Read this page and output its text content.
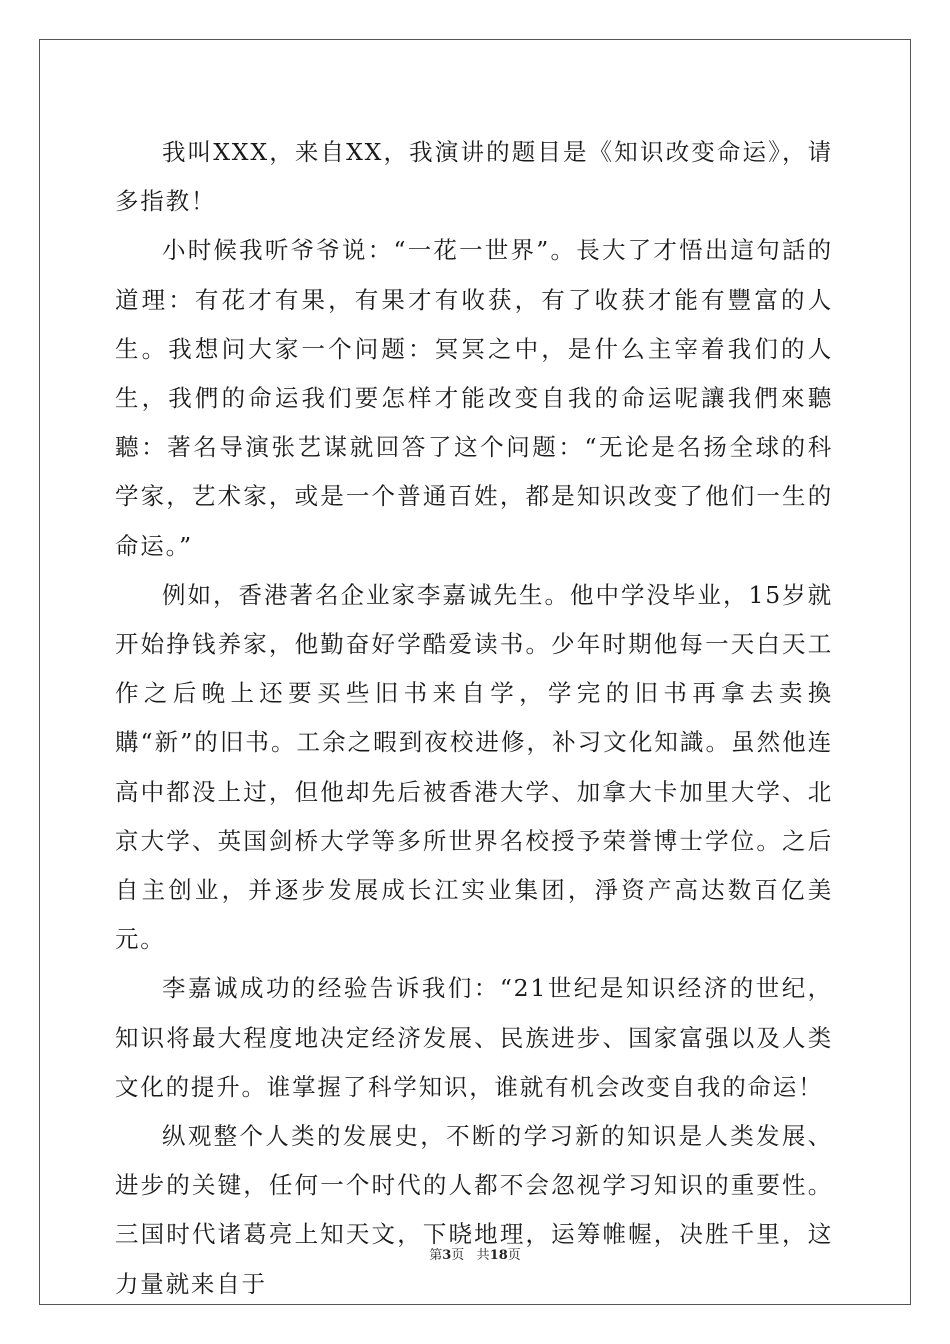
我叫XXX，来自XX，我演讲的题目是《知识改变命运》，请多指教！

小时候我听爷爷说：“一花一世界”。長大了才悟出這句話的道理：有花才有果，有果才有收获，有了收获才能有豐富的人生。我想问大家一个问题：冥冥之中，是什么主宰着我们的人生，我們的命运我们要怎样才能改变自我的命运呢讓我們來聽聽：著名导演张艺谋就回答了这个问题：“无论是名扬全球的科学家，艺术家，或是一个普通百姓，都是知识改变了他们一生的命运。”

例如，香港著名企业家李嘉诚先生。他中学没毕业，15岁就开始挣钱养家，他勤奋好学酷爱读书。少年时期他每一天白天工作之后晚上还要买些旧书来自学，学完的旧书再拿去卖換購“新”的旧书。工余之暇到夜校进修，补习文化知識。虽然他连高中都没上过，但他却先后被香港大学、加拿大卡加里大学、北京大学、英国剑桥大学等多所世界名校授予荣誉博士学位。之后自主创业，并逐步发展成长江实业集团，淨资产高达数百亿美元。

李嘉诚成功的经验告诉我们：“21世纪是知识经济的世纪，知识将最大程度地决定经济发展、民族进步、国家富强以及人类文化的提升。谁掌握了科学知识，谁就有机会改变自我的命运！

纵观整个人类的发展史，不断的学习新的知识是人类发展、进步的关键，任何一个时代的人都不会忽视学习知识的重要性。三国时代诸葛亮上知天文，下晓地理，运筹帷幄，决胜千里，这力量就来自于

第3页 共18页
